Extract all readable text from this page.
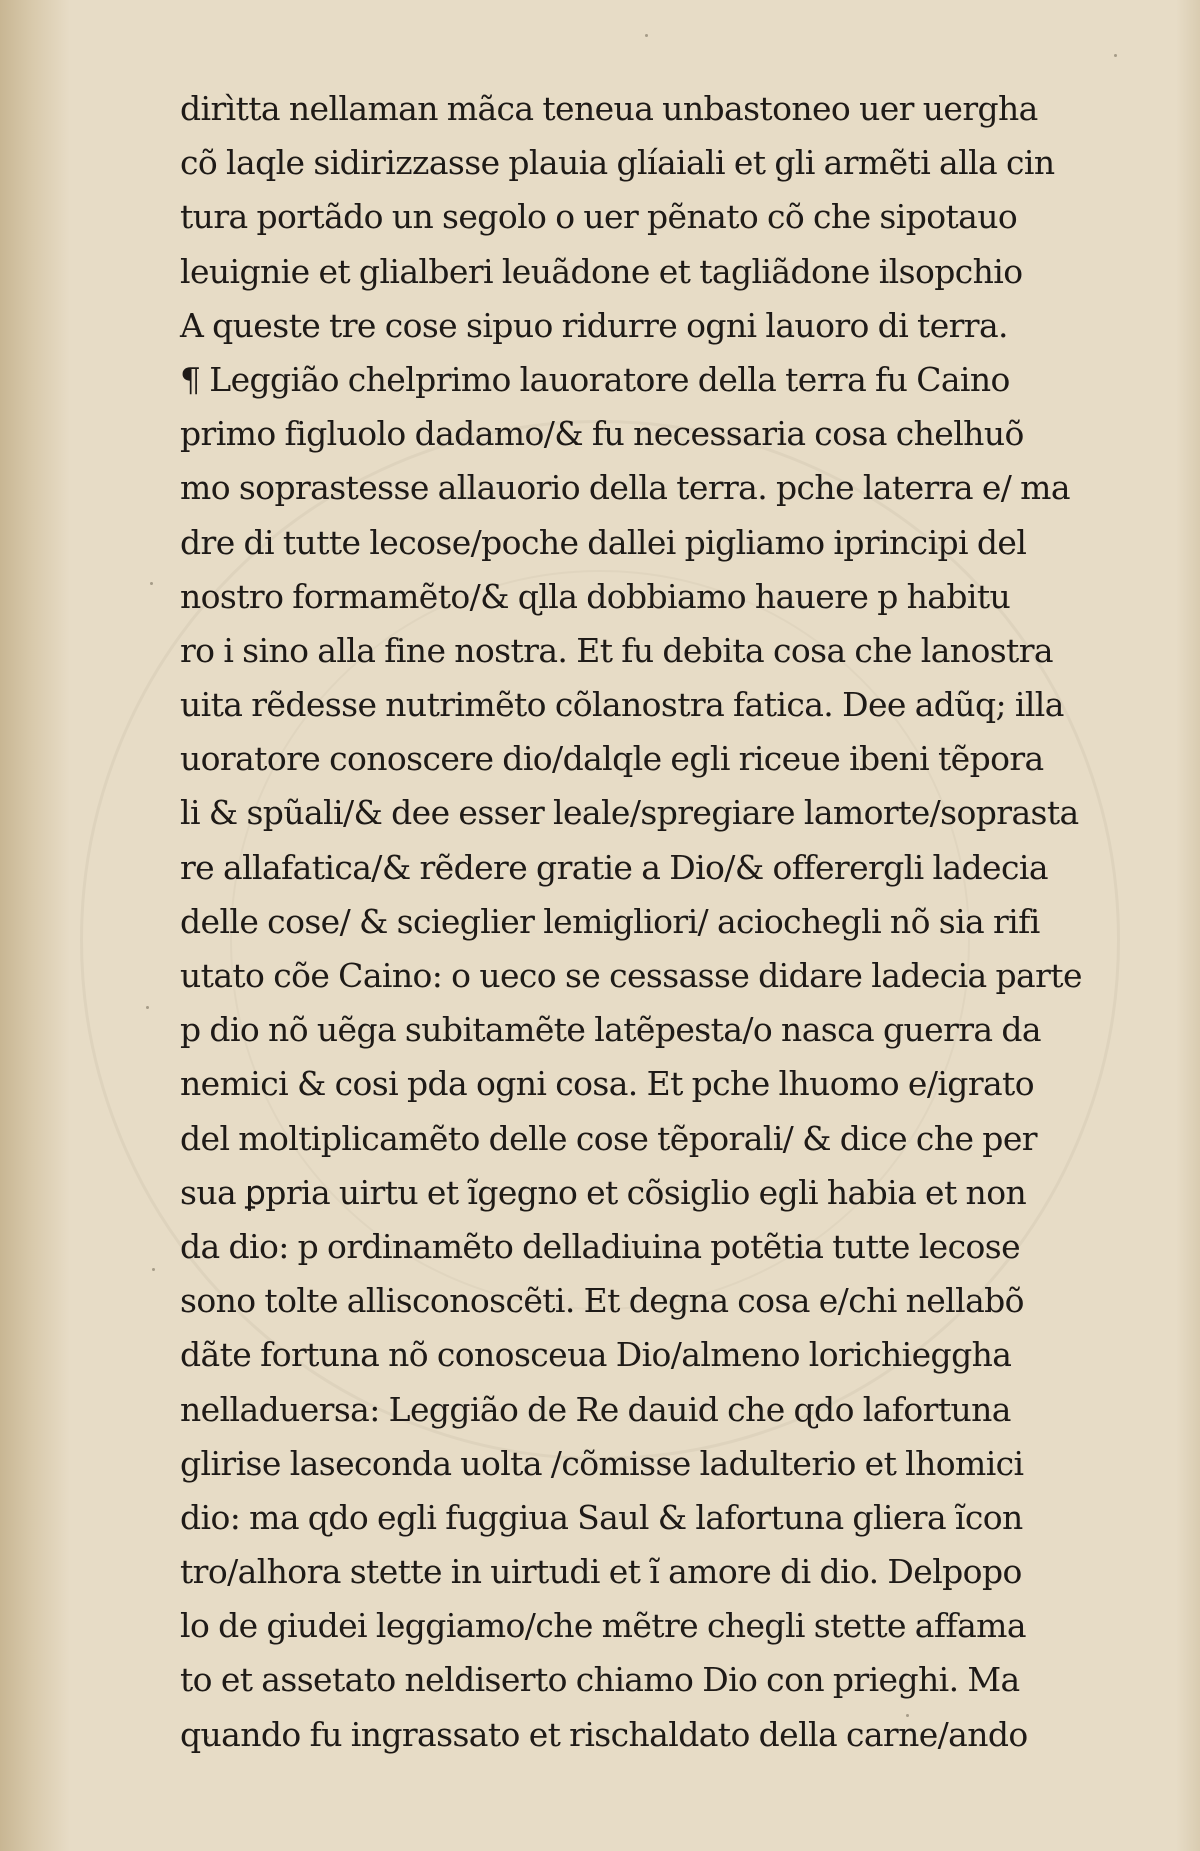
dirìtta nellaman mãca teneua unbastoneo uer uergha
cõ laqle sidirizzasse plauia glíaiali et gli armẽti alla cin
tura portãdo un segolo o uer pẽnato cõ che sipotauo
leuignie et glialberi leuãdone et tagliãdone ilsopchio
A queste tre cose sipuo ridurre ogni lauoro di terra.
¶ Leggião chelprimo lauoratore della terra fu Caino
primo figluolo dadamo/& fu necessaria cosa chelhuõ
mo soprastesse allauorio della terra. pche laterra e/ ma
dre di tutte lecose/poche dallei pigliamo iprincipi del
nostro formamẽto/& ɋlla dobbiamo hauere p habitu
ro i sino alla fine nostra. Et fu debita cosa che lanostra
uita rẽdesse nutrimẽto cõlanostra fatica. Dee adũq; illa
uoratore conoscere dio/dalqle egli riceue ibeni tẽpora
li & spũali/& dee esser leale/spregiare lamorte/soprasta
re allafatica/& rẽdere gratie a Dio/& offerergli ladecia
delle cose/ & scieglier lemigliori/ aciochegli nõ sia rifi
utato cõe Caino: o ueco se cessasse didare ladecia parte
p dio nõ uẽga subitamẽte latẽpesta/o nasca guerra da
nemici & cosi pda ogni cosa. Et pche lhuomo e/igrato
del moltiplicamẽto delle cose tẽporali/ & dice che per
sua ꝑpria uirtu et ĩgegno et cõsiglio egli habia et non
da dio: p ordinamẽto delladiuina potẽtia tutte lecose
sono tolte allisconoscẽti. Et degna cosa e/chi nellabõ
dãte fortuna nõ conosceua Dio/almeno lorichieggha
nelladuersa: Leggião de Re dauid che ɋdo lafortuna
glirise laseconda uolta /cõmisse ladulterio et lhomici
dio: ma ɋdo egli fuggiua Saul & lafortuna gliera ĩcon
tro/alhora stette in uirtudi et ĩ amore di dio. Delpopo
lo de giudei leggiamo/che mẽtre chegli stette affama
to et assetato neldiserto chiamo Dio con prieghi. Ma
quando fu ingrassato et rischaldato della carne/ando
